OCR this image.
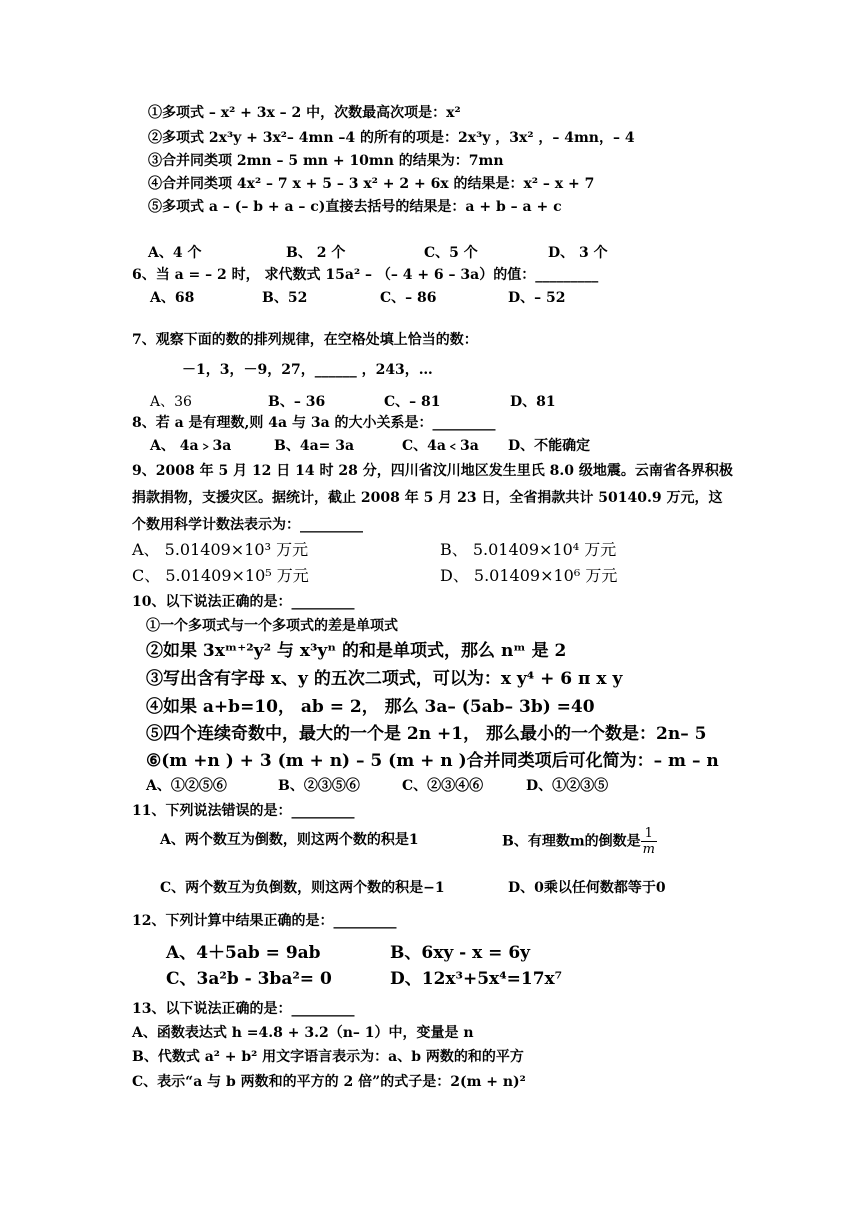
①多项式 – x² + 3x – 2 中，次数最高次项是：x²
②多项式 2x³y + 3x²– 4mn –4 的所有的项是：2x³y ，3x² ，– 4mn，– 4
③合并同类项 2mn – 5 mn + 10mn 的结果为：7mn
④合并同类项 4x² – 7 x + 5 – 3 x² + 2 + 6x 的结果是：x² – x + 7
⑤多项式 a – (– b + a – c)直接去括号的结果是：a + b – a + c
A、4 个	B、 2 个	C、5 个	D、 3 个
6、当 a = – 2 时， 求代数式 15a² – （– 4 + 6 – 3a）的值：_________
A、68	B、52	C、– 86	D、– 52
7、观察下面的数的排列规律，在空格处填上恰当的数：
－1，3，－9，27，______ ，243，…
A、36	B、– 36	C、– 81	D、81
8、若 a 是有理数,则 4a 与 3a 的大小关系是：_________
A、 4a﹥3a	B、4a= 3a	C、4a﹤3a D、不能确定
9、2008 年 5 月 12 日 14 时 28 分，四川省汶川地区发生里氏 8.0 级地震。云南省各界积极
捐款捐物，支援灾区。据统计，截止 2008 年 5 月 23 日，全省捐款共计 50140.9 万元，这
个数用科学计数法表示为：_________
A、 5.01409×10³ 万元	B、 5.01409×10⁴ 万元
C、 5.01409×10⁵ 万元	D、 5.01409×10⁶ 万元
10、以下说法正确的是：_________
①一个多项式与一个多项式的差是单项式
②如果 3xᵐ⁺²y² 与 x³yⁿ 的和是单项式，那么 nᵐ 是 2
③写出含有字母 x、y 的五次二项式，可以为：x y⁴ + 6 π x y
④如果 a+b=10， ab = 2， 那么 3a– (5ab– 3b) =40
⑤四个连续奇数中，最大的一个是 2n +1， 那么最小的一个数是：2n– 5
⑥(m +n ) + 3 (m + n) – 5 (m + n )合并同类项后可化简为：– m – n
A、①②⑤⑥	B、②③⑤⑥	C、②③④⑥	D、①②③⑤
11、下列说法错误的是：_________
A、两个数互为倒数，则这两个数的积是1	B、有理数m的倒数是 $\frac{1}{m}$
C、两个数互为负倒数，则这两个数的积是−1	D、0乘以任何数都等于0
12、下列计算中结果正确的是：_________
A、4＋5ab = 9ab	B、6xy - x = 6y
C、3a²b - 3ba²= 0	D、12x³+5x⁴=17x⁷
13、以下说法正确的是：_________
A、函数表达式 h =4.8 + 3.2（n– 1）中，变量是 n
B、代数式 a² + b² 用文字语言表示为：a、b 两数的和的平方
C、表示“a 与 b 两数和的平方的 2 倍”的式子是：2(m + n)²
